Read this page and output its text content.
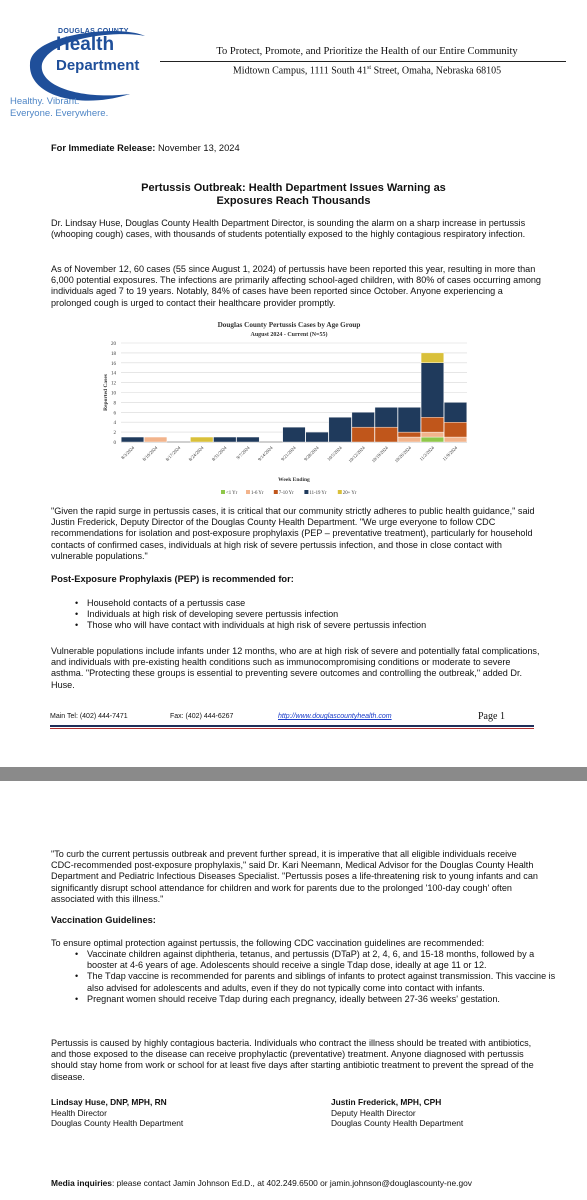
DOUGLAS COUNTY
Health
Department
Healthy. Vibrant.
Everyone. Everywhere.
To Protect, Promote, and Prioritize the Health of our Entire Community
Midtown Campus, 1111 South 41st Street, Omaha, Nebraska 68105
For Immediate Release: November 13, 2024
Pertussis Outbreak: Health Department Issues Warning as
Exposures Reach Thousands
Dr. Lindsay Huse, Douglas County Health Department Director, is sounding the alarm on a sharp increase in pertussis (whooping cough) cases, with thousands of students potentially exposed to the highly contagious respiratory infection.
As of November 12, 60 cases (55 since August 1, 2024) of pertussis have been reported this year, resulting in more than 6,000 potential exposures. The infections are primarily affecting school-aged children, with 80% of cases occurring among individuals aged 7 to 19 years. Notably, 84% of cases have been reported since October. Anyone experiencing a prolonged cough is urged to contact their healthcare provider promptly.
Douglas County Pertussis Cases by Age Group
August 2024 - Current (N=55)
0
2
4
6
8
10
12
14
16
18
20
Reported Cases
8/3/2024 8/10/2024 8/17/2024 8/24/2024 8/31/2024 9/7/2024 9/14/2024 9/21/2024 9/28/2024 10/5/2024 10/12/2024 10/19/2024 10/26/2024 11/2/2024 11/9/2024
Week Ending
<1 Yr	1-6 Yr	7-10 Yr	11-19 Yr	20+ Yr
"Given the rapid surge in pertussis cases, it is critical that our community strictly adheres to public health guidance," said Justin Frederick, Deputy Director of the Douglas County Health Department. "We urge everyone to follow CDC recommendations for isolation and post-exposure prophylaxis (PEP – preventative treatment), particularly for household contacts of confirmed cases, individuals at high risk of severe pertussis infection, and those in close contact with vulnerable populations."
Post-Exposure Prophylaxis (PEP) is recommended for:
• Household contacts of a pertussis case
• Individuals at high risk of developing severe pertussis infection
• Those who will have contact with individuals at high risk of severe pertussis infection
Vulnerable populations include infants under 12 months, who are at high risk of severe and potentially fatal complications, and individuals with pre-existing health conditions such as immunocompromising conditions or moderate to severe asthma. "Protecting these groups is essential to preventing severe outcomes and controlling the outbreak," added Dr. Huse.
Main Tel: (402) 444-7471	Fax: (402) 444-6267	http://www.douglascountyhealth.com	Page 1
"To curb the current pertussis outbreak and prevent further spread, it is imperative that all eligible individuals receive CDC-recommended post-exposure prophylaxis," said Dr. Kari Neemann, Medical Advisor for the Douglas County Health Department and Pediatric Infectious Diseases Specialist. "Pertussis poses a life-threatening risk to young infants and can significantly disrupt school attendance for children and work for parents due to the prolonged '100-day cough' often associated with this illness."
Vaccination Guidelines:
To ensure optimal protection against pertussis, the following CDC vaccination guidelines are recommended:
• Vaccinate children against diphtheria, tetanus, and pertussis (DTaP) at 2, 4, 6, and 15-18 months, followed by a booster at 4-6 years of age. Adolescents should receive a single Tdap dose, ideally at age 11 or 12.
• The Tdap vaccine is recommended for parents and siblings of infants to protect against transmission. This vaccine is also advised for adolescents and adults, even if they do not typically come into contact with infants.
• Pregnant women should receive Tdap during each pregnancy, ideally between 27-36 weeks' gestation.
Pertussis is caused by highly contagious bacteria. Individuals who contract the illness should be treated with antibiotics, and those exposed to the disease can receive prophylactic (preventative) treatment. Anyone diagnosed with pertussis should stay home from work or school for at least five days after starting antibiotic treatment to prevent the spread of the disease.
Lindsay Huse, DNP, MPH, RN
Health Director
Douglas County Health Department
Justin Frederick, MPH, CPH
Deputy Health Director
Douglas County Health Department
Media inquiries: please contact Jamin Johnson Ed.D., at 402.249.6500 or jamin.johnson@douglascounty-ne.gov
